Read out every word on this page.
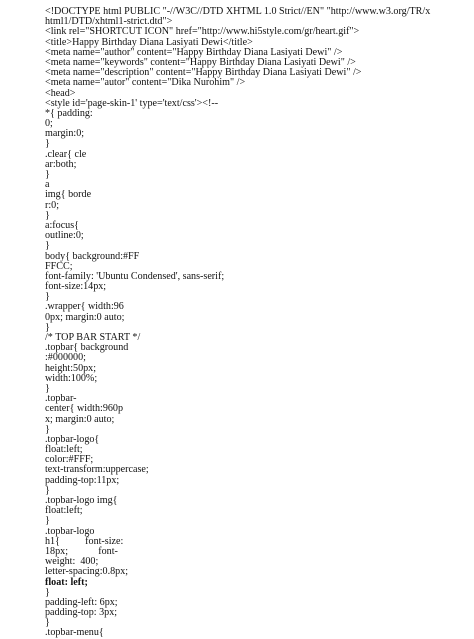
<!DOCTYPE html PUBLIC "-//W3C//DTD XHTML 1.0 Strict//EN" "http://www.w3.org/TR/x
html1/DTD/xhtml1-strict.dtd">
<link rel="SHORTCUT ICON" href="http://www.hi5style.com/gr/heart.gif">
<title>Happy Birthday Diana Lasiyati Dewi</title>
<meta name="author" content="Happy Birthday Diana Lasiyati Dewi" />
<meta name="keywords" content="Happy Birthday Diana Lasiyati Dewi" />
<meta name="description" content="Happy Birthday Diana Lasiyati Dewi" />
<meta name="autor" content="Dika Nurohim" />
<head>
<style id='page-skin-1' type='text/css'><!--
*{ padding:
0;
margin:0;
}
.clear{ cle
ar:both;
}
a
img{ borde
r:0;
}
a:focus{
outline:0;
}
body{ background:#FF
FFCC;
font-family: 'Ubuntu Condensed', sans-serif;
font-size:14px;
}
.wrapper{ width:96
0px; margin:0 auto;
}
/* TOP BAR START */
.topbar{ background
:#000000;
height:50px;
width:100%;
}
.topbar-
center{ width:960p
x; margin:0 auto;
}
.topbar-logo{
float:left;
color:#FFF;
text-transform:uppercase;
padding-top:11px;
}
.topbar-logo img{
float:left;
}
.topbar-logo
h1{          font-size:
18px;            font-
weight:  400;
letter-spacing:0.8px;
float: left;
}
padding-left: 6px;
padding-top: 3px;
}
.topbar-menu{
